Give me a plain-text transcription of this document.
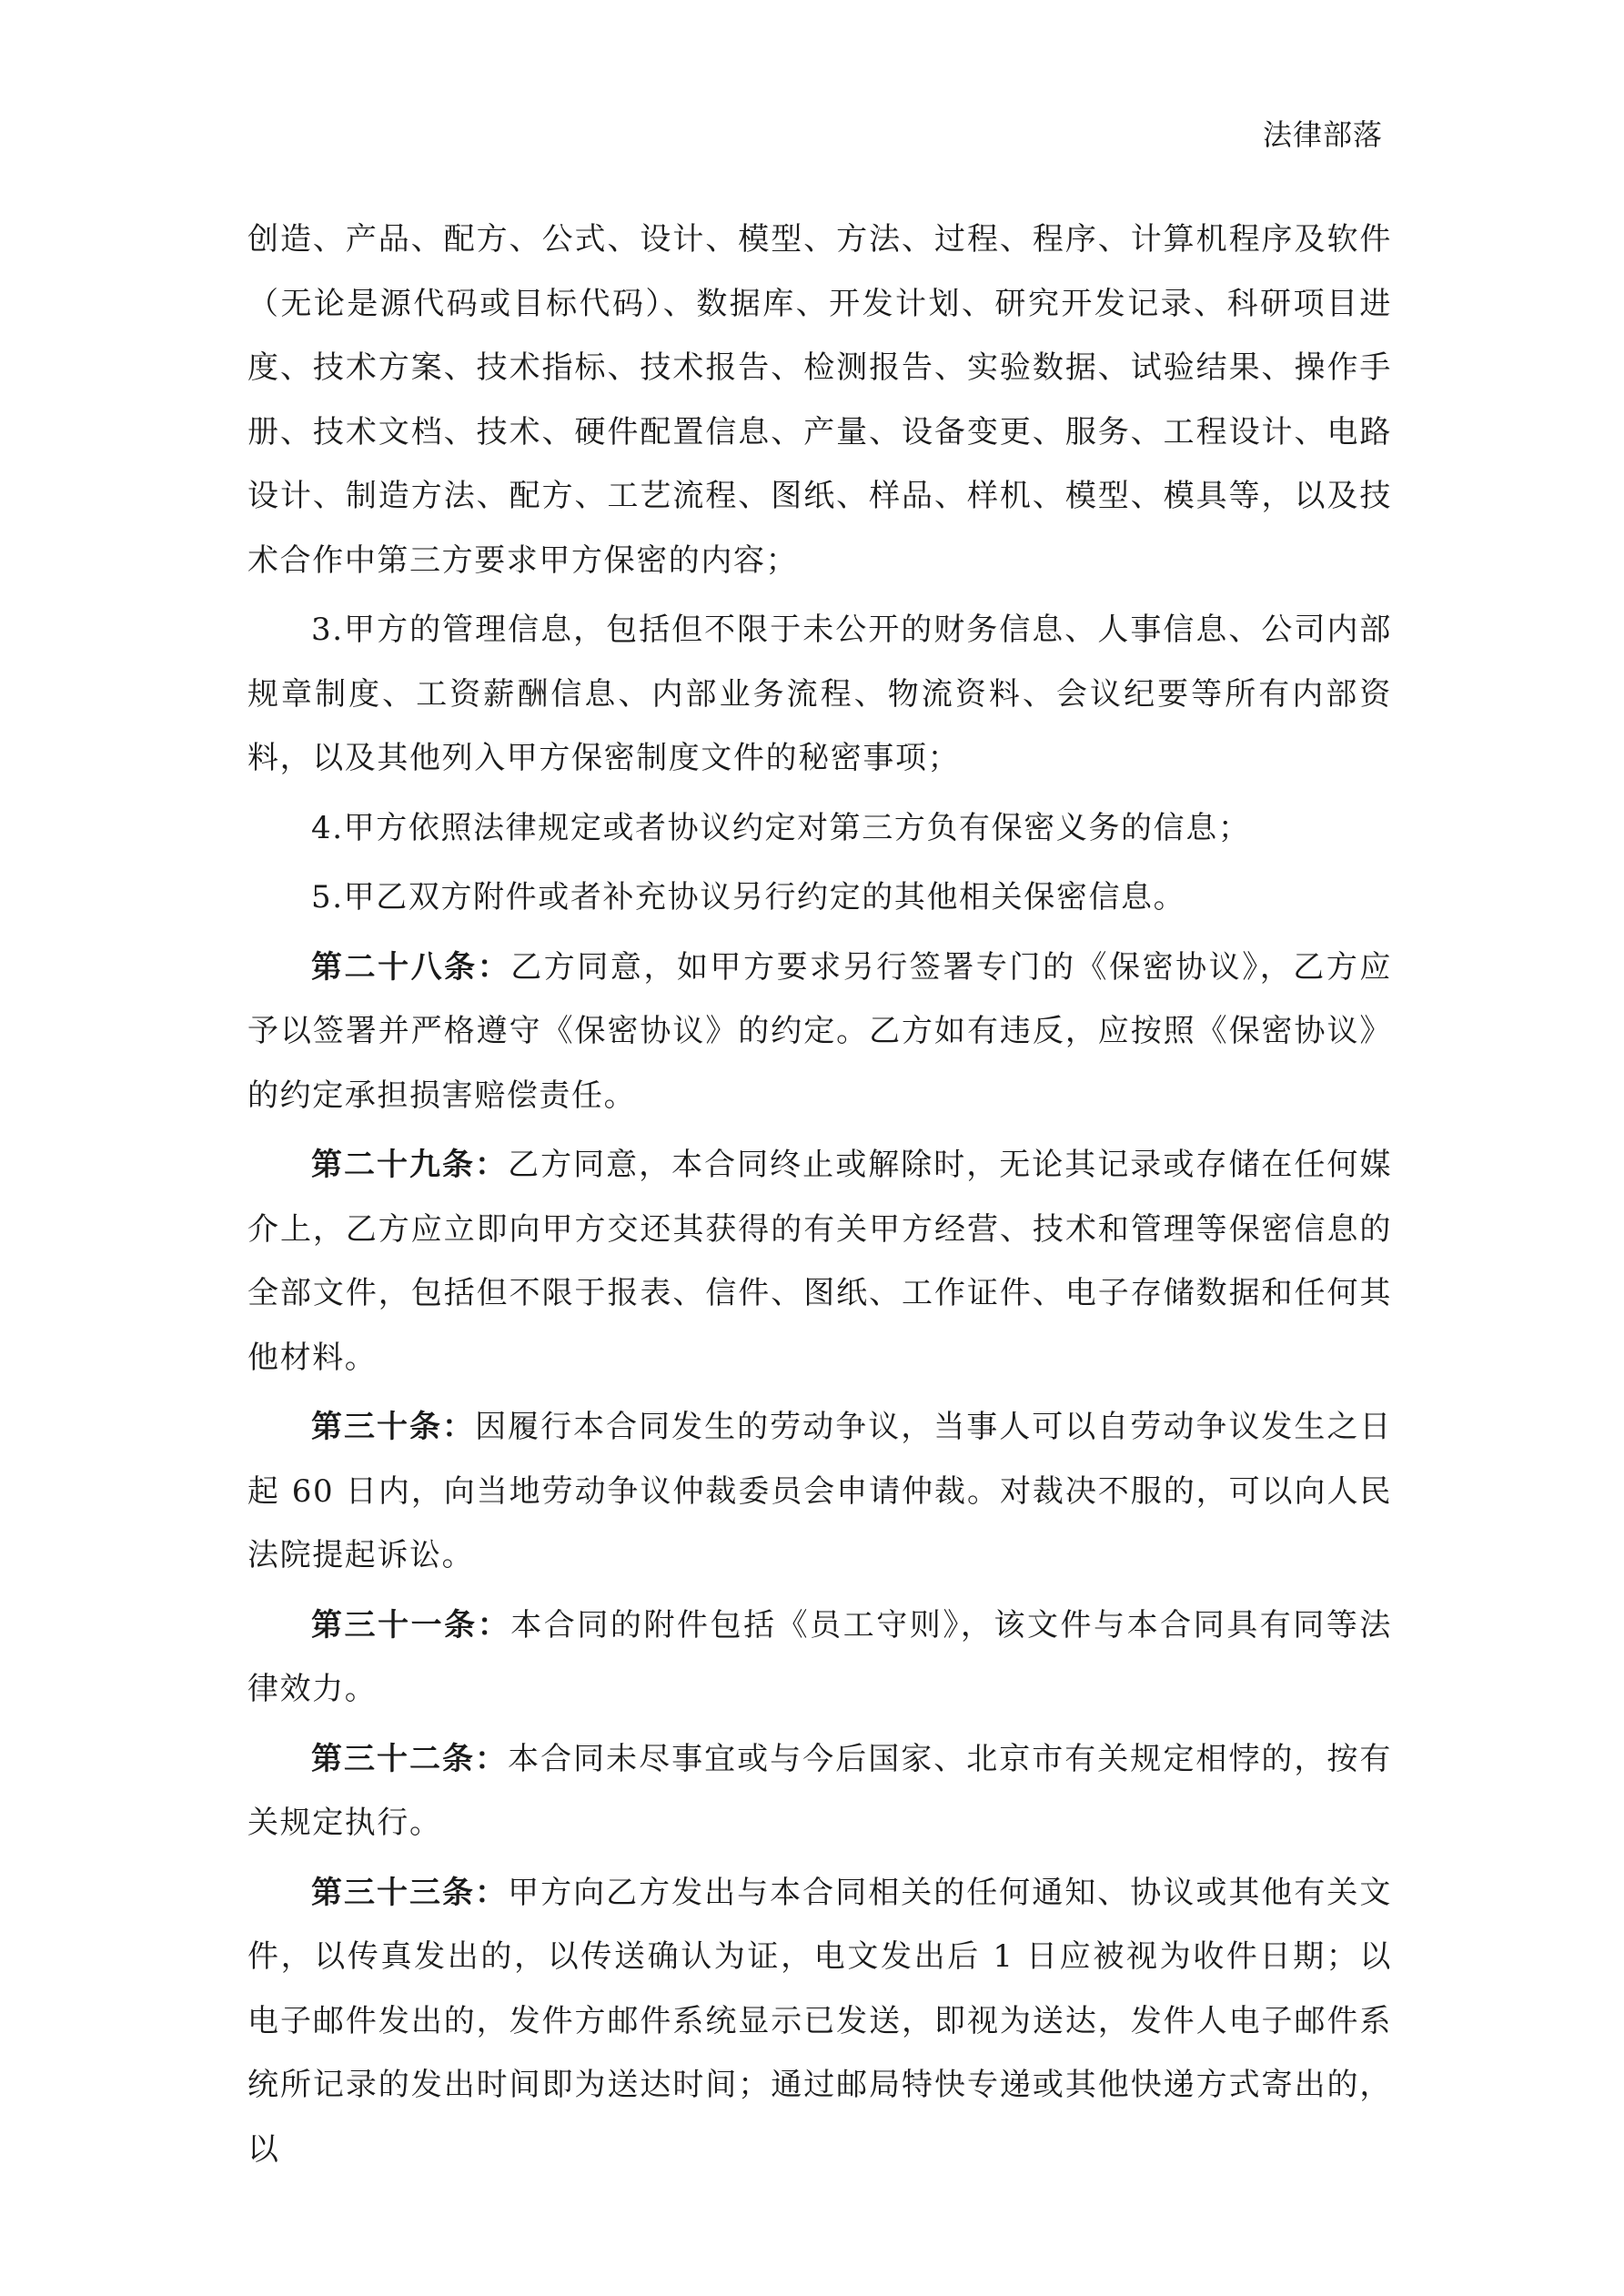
法律部落

创造、产品、配方、公式、设计、模型、方法、过程、程序、计算机程序及软件（无论是源代码或目标代码）、数据库、开发计划、研究开发记录、科研项目进度、技术方案、技术指标、技术报告、检测报告、实验数据、试验结果、操作手册、技术文档、技术、硬件配置信息、产量、设备变更、服务、工程设计、电路设计、制造方法、配方、工艺流程、图纸、样品、样机、模型、模具等，以及技术合作中第三方要求甲方保密的内容；

3.甲方的管理信息，包括但不限于未公开的财务信息、人事信息、公司内部规章制度、工资薪酬信息、内部业务流程、物流资料、会议纪要等所有内部资料，以及其他列入甲方保密制度文件的秘密事项；

4.甲方依照法律规定或者协议约定对第三方负有保密义务的信息；

5.甲乙双方附件或者补充协议另行约定的其他相关保密信息。

第二十八条：乙方同意，如甲方要求另行签署专门的《保密协议》，乙方应予以签署并严格遵守《保密协议》的约定。乙方如有违反，应按照《保密协议》的约定承担损害赔偿责任。

第二十九条：乙方同意，本合同终止或解除时，无论其记录或存储在任何媒介上，乙方应立即向甲方交还其获得的有关甲方经营、技术和管理等保密信息的全部文件，包括但不限于报表、信件、图纸、工作证件、电子存储数据和任何其他材料。

第三十条：因履行本合同发生的劳动争议，当事人可以自劳动争议发生之日起 60 日内，向当地劳动争议仲裁委员会申请仲裁。对裁决不服的，可以向人民法院提起诉讼。

第三十一条：本合同的附件包括《员工守则》，该文件与本合同具有同等法律效力。

第三十二条：本合同未尽事宜或与今后国家、北京市有关规定相悖的，按有关规定执行。

第三十三条：甲方向乙方发出与本合同相关的任何通知、协议或其他有关文件，以传真发出的，以传送确认为证，电文发出后 1 日应被视为收件日期；以电子邮件发出的，发件方邮件系统显示已发送，即视为送达，发件人电子邮件系统所记录的发出时间即为送达时间；通过邮局特快专递或其他快递方式寄出的，以
